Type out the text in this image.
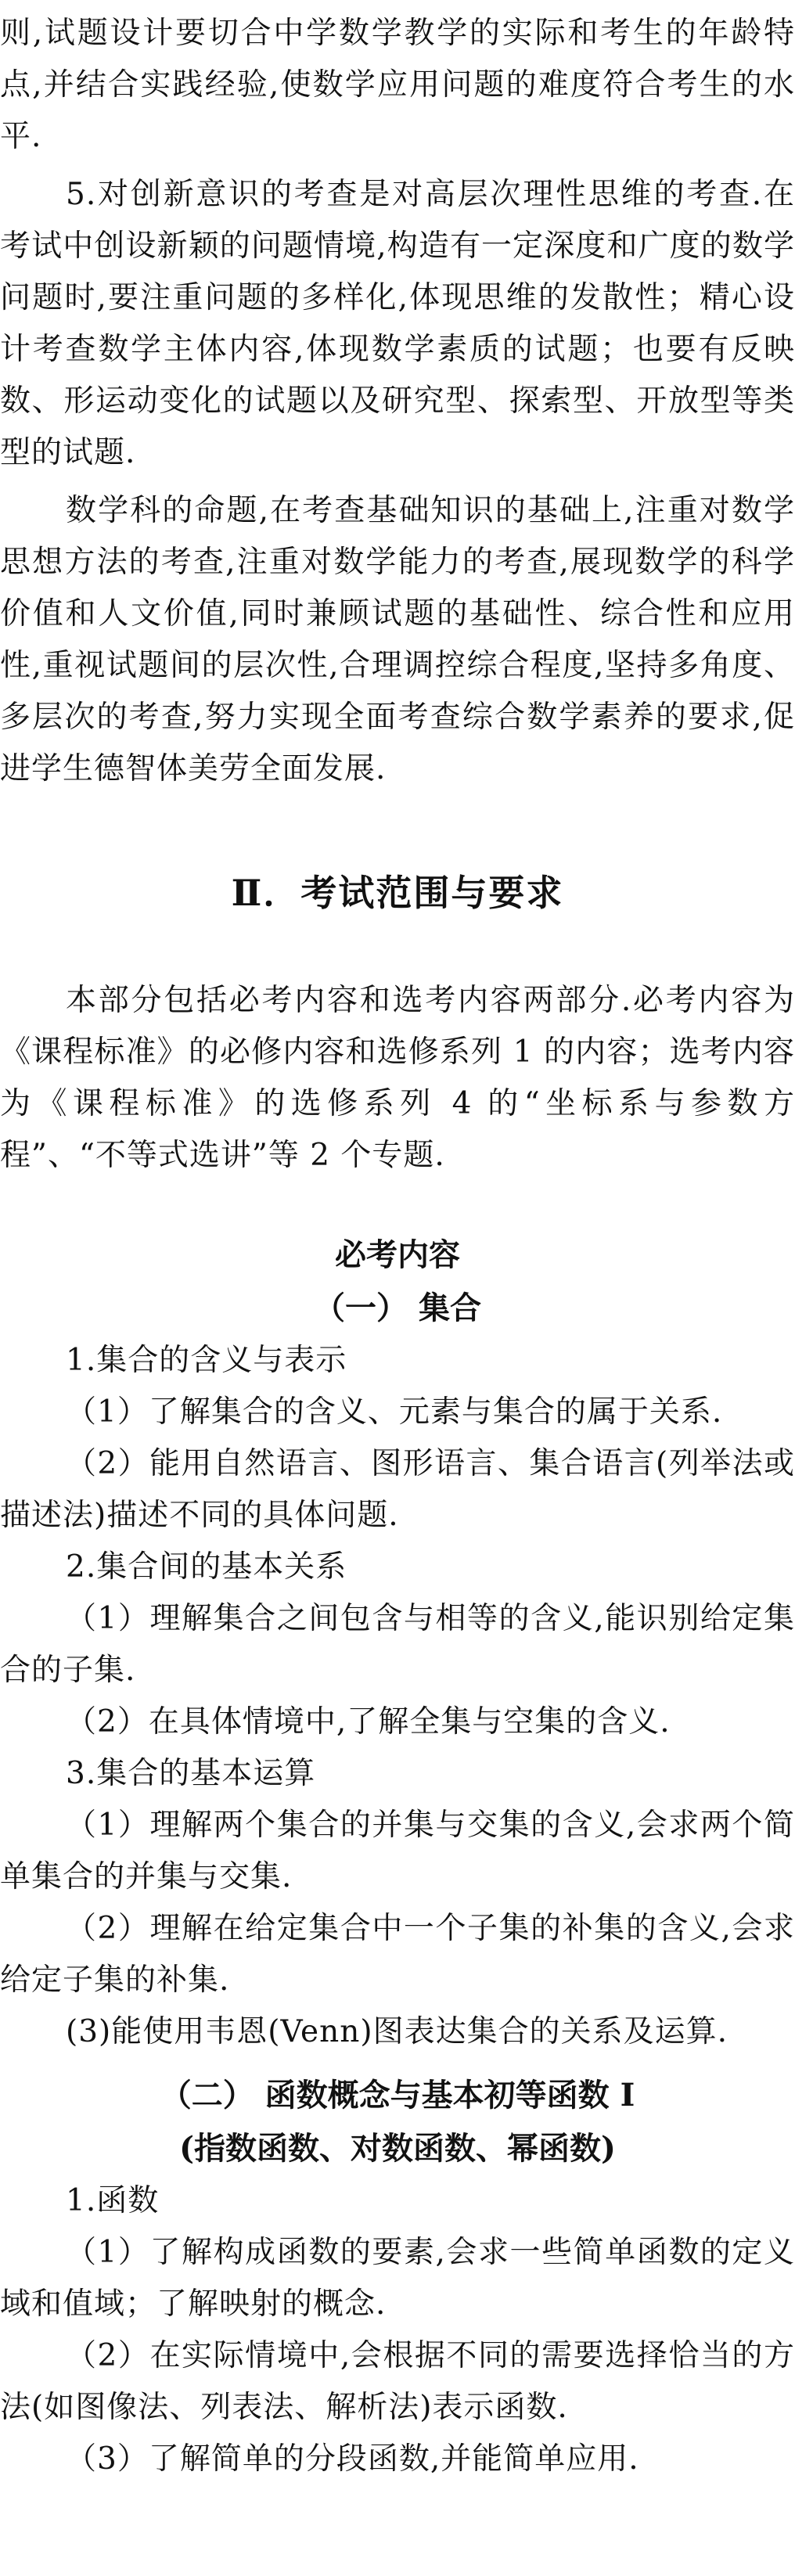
则,试题设计要切合中学数学教学的实际和考生的年龄特点,并结合实践经验,使数学应用问题的难度符合考生的水平.

5.对创新意识的考查是对高层次理性思维的考查.在考试中创设新颖的问题情境,构造有一定深度和广度的数学问题时,要注重问题的多样化,体现思维的发散性；精心设计考查数学主体内容,体现数学素质的试题；也要有反映数、形运动变化的试题以及研究型、探索型、开放型等类型的试题.

数学科的命题,在考查基础知识的基础上,注重对数学思想方法的考查,注重对数学能力的考查,展现数学的科学价值和人文价值,同时兼顾试题的基础性、综合性和应用性,重视试题间的层次性,合理调控综合程度,坚持多角度、多层次的考查,努力实现全面考查综合数学素养的要求,促进学生德智体美劳全面发展.

Ⅱ．考试范围与要求

本部分包括必考内容和选考内容两部分.必考内容为《课程标准》的必修内容和选修系列 1 的内容；选考内容为《课程标准》的选修系列 4 的“坐标系与参数方程”、“不等式选讲”等 2 个专题.

必考内容

（一） 集合

1.集合的含义与表示

（1）了解集合的含义、元素与集合的属于关系.

（2）能用自然语言、图形语言、集合语言(列举法或描述法)描述不同的具体问题.

2.集合间的基本关系

（1）理解集合之间包含与相等的含义,能识别给定集合的子集.

（2）在具体情境中,了解全集与空集的含义.

3.集合的基本运算

（1）理解两个集合的并集与交集的含义,会求两个简单集合的并集与交集.

（2）理解在给定集合中一个子集的补集的含义,会求给定子集的补集.

(3)能使用韦恩(Venn)图表达集合的关系及运算.

（二） 函数概念与基本初等函数 Ⅰ

(指数函数、对数函数、幂函数)

1.函数

（1）了解构成函数的要素,会求一些简单函数的定义域和值域；了解映射的概念.

（2）在实际情境中,会根据不同的需要选择恰当的方法(如图像法、列表法、解析法)表示函数.

（3）了解简单的分段函数,并能简单应用.
